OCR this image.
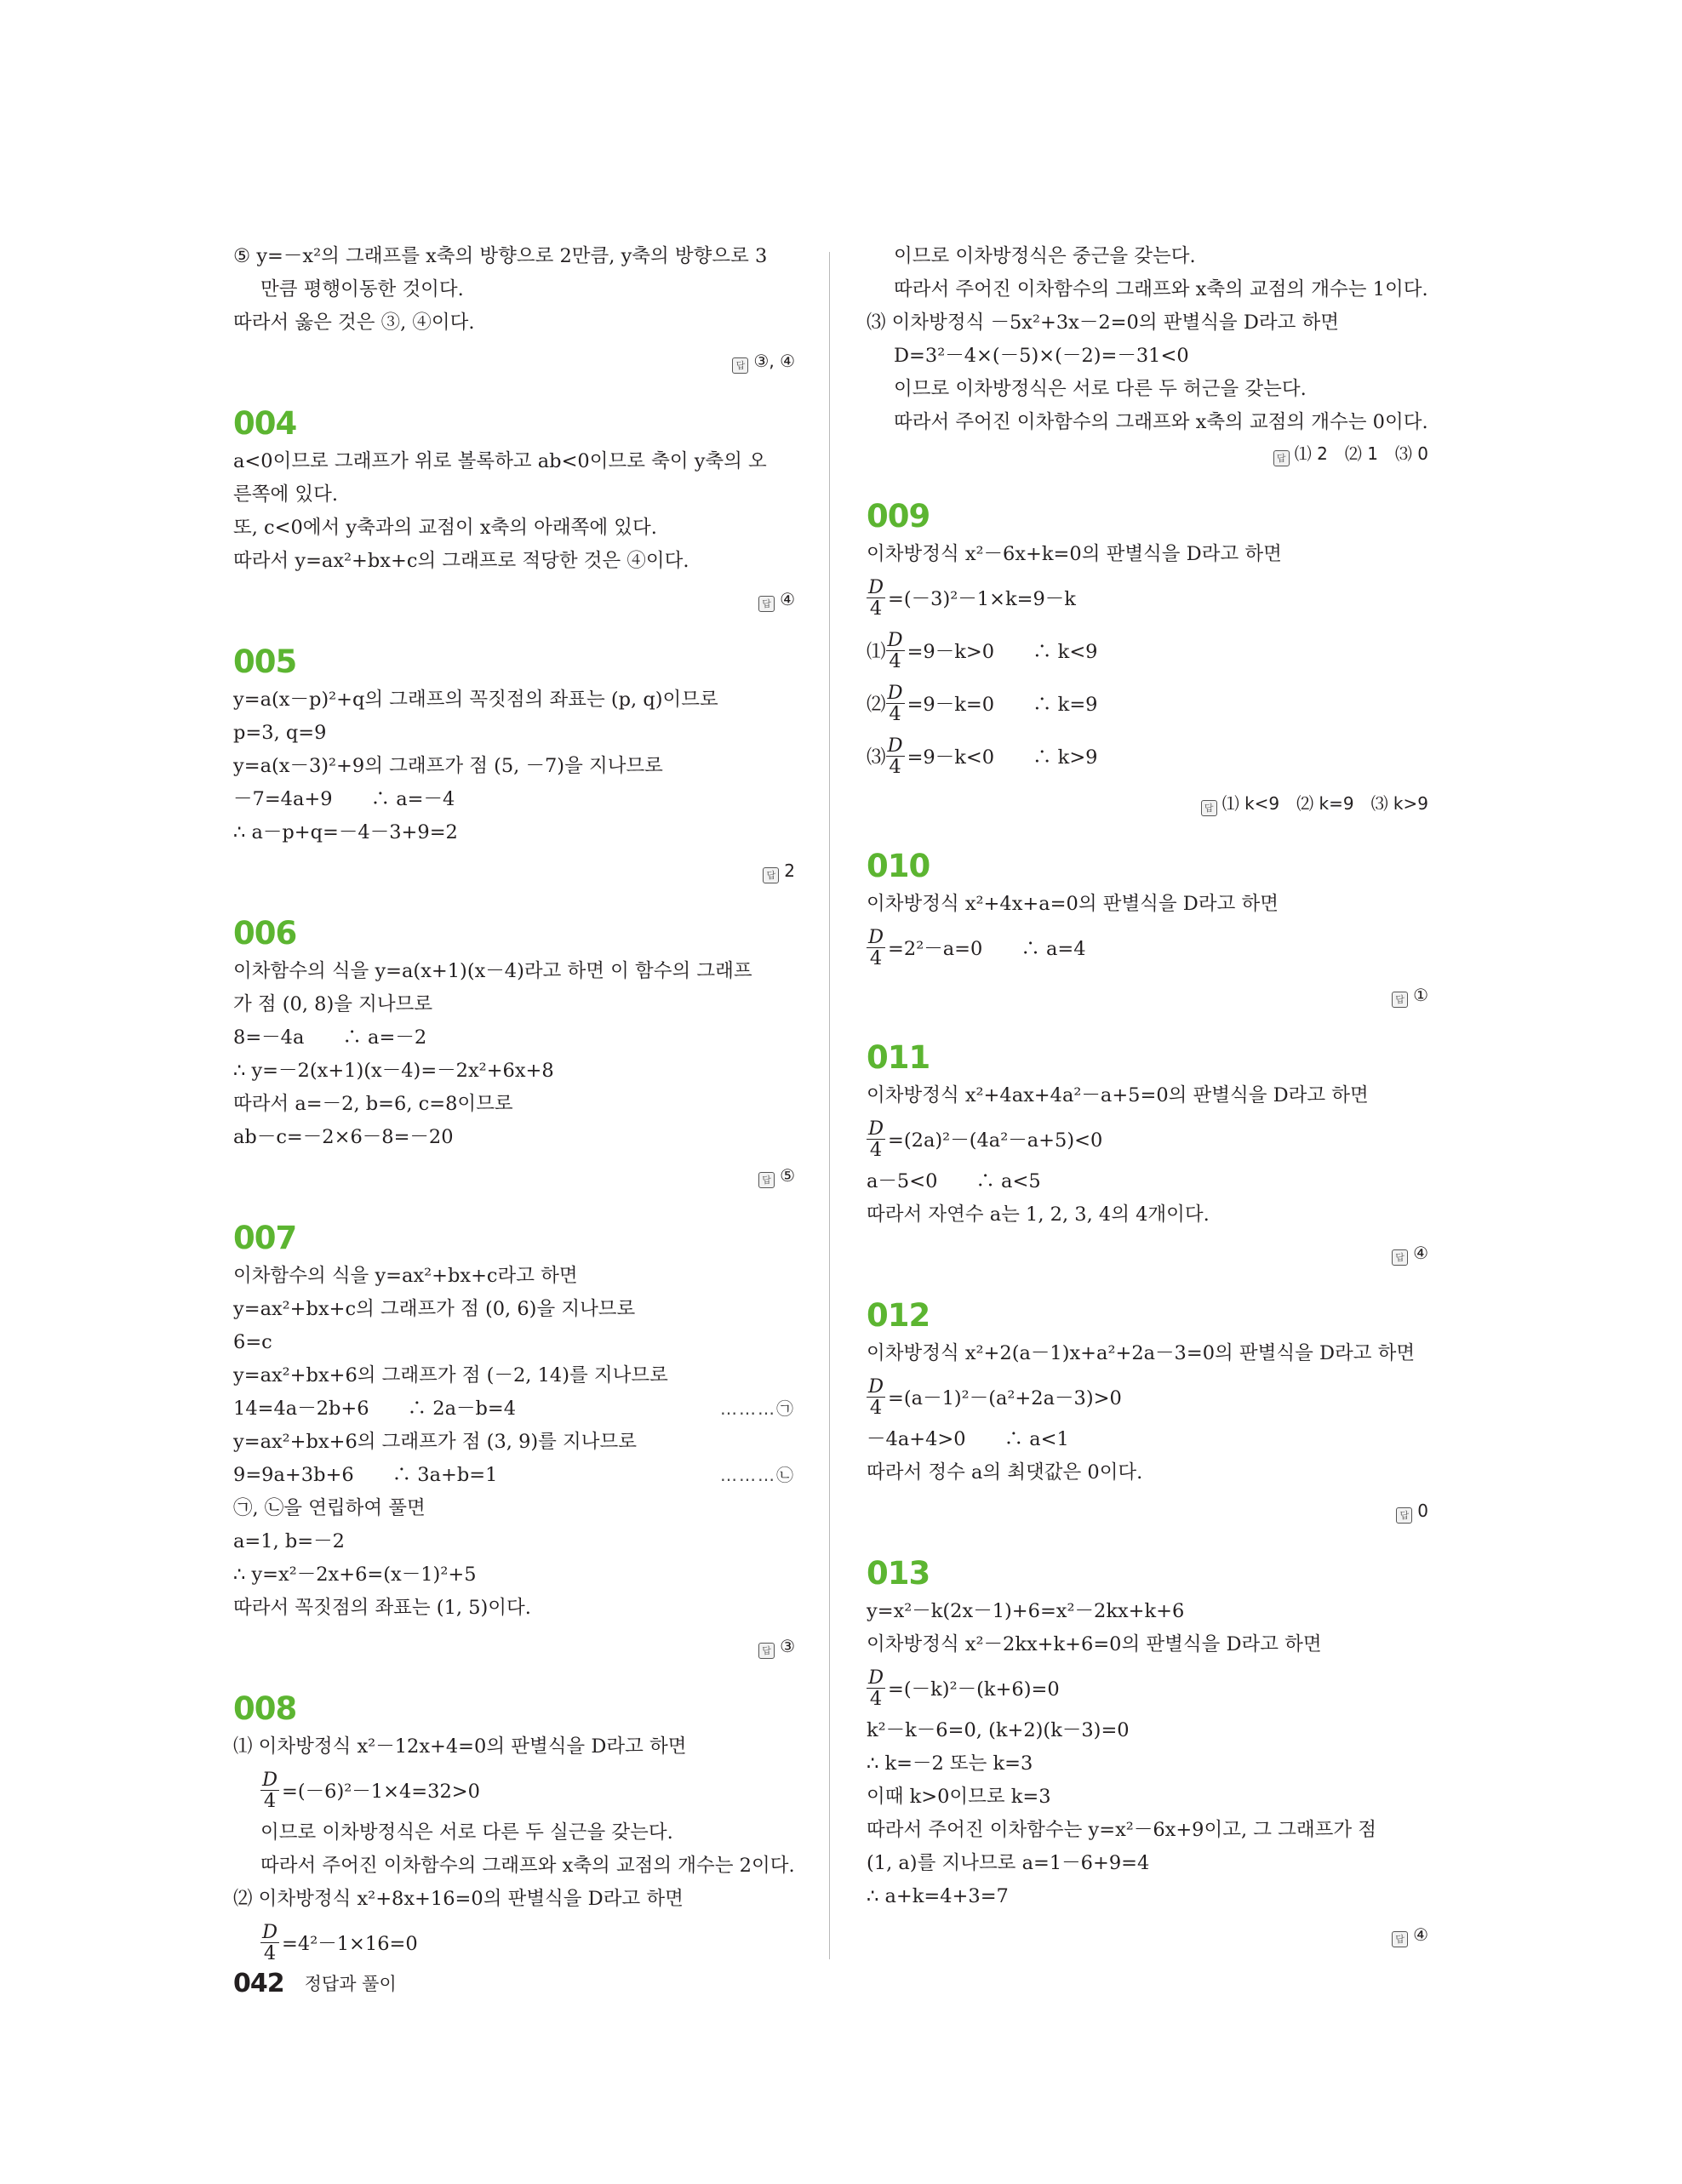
⑤ y=－x²의 그래프를 x축의 방향으로 2만큼, y축의 방향으로 3
만큼 평행이동한 것이다.
따라서 옳은 것은 ③, ④이다.
답 ③, ④
004
a<0이므로 그래프가 위로 볼록하고 ab<0이므로 축이 y축의 오
른쪽에 있다.
또, c<0에서 y축과의 교점이 x축의 아래쪽에 있다.
따라서 y=ax²+bx+c의 그래프로 적당한 것은 ④이다.
답 ④
005
y=a(x－p)²+q의 그래프의 꼭짓점의 좌표는 (p, q)이므로
p=3, q=9
y=a(x－3)²+9의 그래프가 점 (5, －7)을 지나므로
－7=4a+9　　∴ a=－4
∴ a－p+q=－4－3+9=2
답 2
006
이차함수의 식을 y=a(x+1)(x－4)라고 하면 이 함수의 그래프
가 점 (0, 8)을 지나므로
8=－4a　　∴ a=－2
∴ y=－2(x+1)(x－4)=－2x²+6x+8
따라서 a=－2, b=6, c=8이므로
ab－c=－2×6－8=－20
답 ⑤
007
이차함수의 식을 y=ax²+bx+c라고 하면
y=ax²+bx+c의 그래프가 점 (0, 6)을 지나므로
6=c
y=ax²+bx+6의 그래프가 점 (－2, 14)를 지나므로
14=4a－2b+6　　∴ 2a－b=4	………㉠
y=ax²+bx+6의 그래프가 점 (3, 9)를 지나므로
9=9a+3b+6　　∴ 3a+b=1	………㉡
㉠, ㉡을 연립하여 풀면
a=1, b=－2
∴ y=x²－2x+6=(x－1)²+5
따라서 꼭짓점의 좌표는 (1, 5)이다.
답 ③
008
⑴ 이차방정식 x²－12x+4=0의 판별식을 D라고 하면
$\frac{D}{4} =(-6)^2-1\times 4=32>0$
이므로 이차방정식은 서로 다른 두 실근을 갖는다.
따라서 주어진 이차함수의 그래프와 x축의 교점의 개수는 2이다.
⑵ 이차방정식 x²+8x+16=0의 판별식을 D라고 하면
$\frac{D}{4} =4^2-1\times 16=0$
이므로 이차방정식은 중근을 갖는다.
따라서 주어진 이차함수의 그래프와 x축의 교점의 개수는 1이다.
⑶ 이차방정식 －5x²+3x－2=0의 판별식을 D라고 하면
D=3²－4×(－5)×(－2)=－31<0
이므로 이차방정식은 서로 다른 두 허근을 갖는다.
따라서 주어진 이차함수의 그래프와 x축의 교점의 개수는 0이다.
답 ⑴ 2　⑵ 1　⑶ 0
009
이차방정식 x²－6x+k=0의 판별식을 D라고 하면
$\frac{D}{4} =(-3)^2-1\times k=9-k$
⑴ $\frac{D}{4} =9-k>0$　　∴ k<9
⑵ $\frac{D}{4} =9-k=0$　　∴ k=9
⑶ $\frac{D}{4} =9-k<0$　　∴ k>9
답 ⑴ k<9　⑵ k=9　⑶ k>9
010
이차방정식 x²+4x+a=0의 판별식을 D라고 하면
$\frac{D}{4} =2^2-a=0$　　∴ a=4
답 ①
011
이차방정식 x²+4ax+4a²－a+5=0의 판별식을 D라고 하면
$\frac{D}{4} =(2a)^2-(4a^2-a+5)<0$
a－5<0　　∴ a<5
따라서 자연수 a는 1, 2, 3, 4의 4개이다.
답 ④
012
이차방정식 x²+2(a－1)x+a²+2a－3=0의 판별식을 D라고 하면
$\frac{D}{4} =(a-1)^2-(a^2+2a-3)>0$
－4a+4>0　　∴ a<1
따라서 정수 a의 최댓값은 0이다.
답 0
013
y=x²－k(2x－1)+6=x²－2kx+k+6
이차방정식 x²－2kx+k+6=0의 판별식을 D라고 하면
$\frac{D}{4} =(-k)^2-(k+6)=0$
k²－k－6=0, (k+2)(k－3)=0
∴ k=－2 또는 k=3
이때 k>0이므로 k=3
따라서 주어진 이차함수는 y=x²－6x+9이고, 그 그래프가 점
(1, a)를 지나므로 a=1－6+9=4
∴ a+k=4+3=7
답 ④
042 정답과 풀이
